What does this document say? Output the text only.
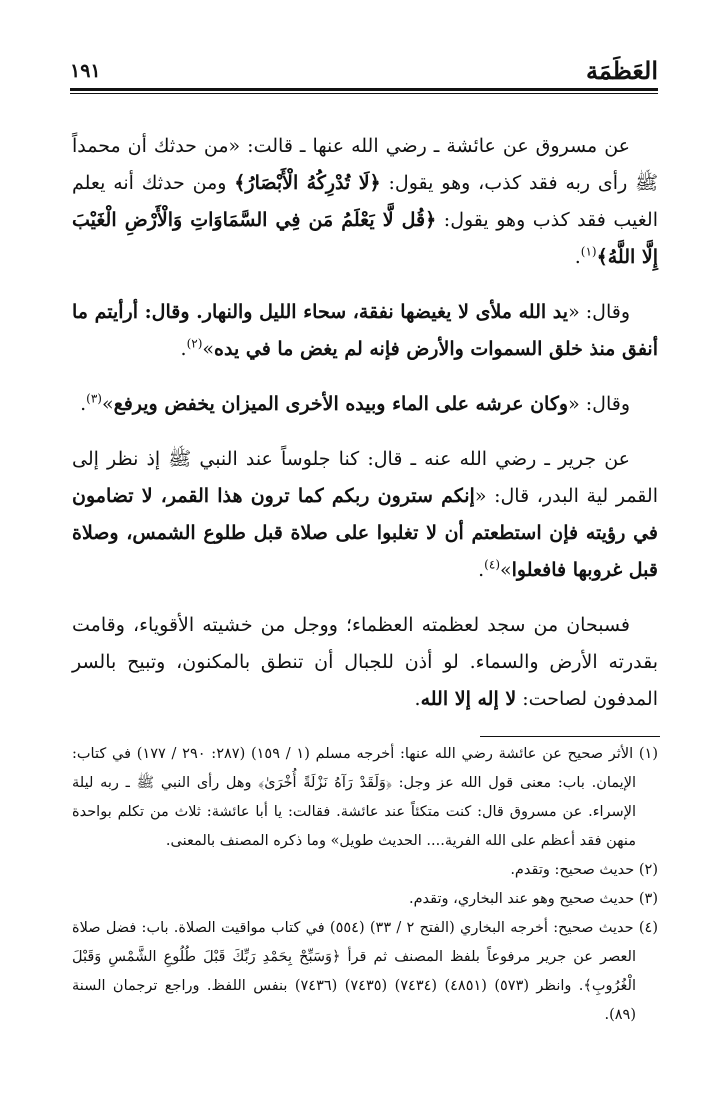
العَظَمَة
١٩١

عن مسروق عن عائشة ـ رضي الله عنها ـ قالت: «من حدثك أن محمداً ﷺ رأى ربه فقد كذب، وهو يقول: ﴿لَا تُدْرِكُهُ الْأَبْصَارُ﴾ ومن حدثك أنه يعلم الغيب فقد كذب وهو يقول: ﴿قُل لَّا يَعْلَمُ مَن فِي السَّمَاوَاتِ وَالْأَرْضِ الْغَيْبَ إِلَّا اللَّهُ﴾$^{(١)}$.

وقال: «يد الله ملأى لا يغيضها نفقة، سحاء الليل والنهار. وقال: أرأيتم ما أنفق منذ خلق السموات والأرض فإنه لم يغض ما في يده»$^{(٢)}$.

وقال: «وكان عرشه على الماء وبيده الأخرى الميزان يخفض ويرفع»$^{(٣)}$.

عن جرير ـ رضي الله عنه ـ قال: كنا جلوساً عند النبي ﷺ إذ نظر إلى القمر لية البدر، قال: «إنكم سترون ربكم كما ترون هذا القمر، لا تضامون في رؤيته فإن استطعتم أن لا تغلبوا على صلاة قبل طلوع الشمس، وصلاة قبل غروبها فافعلوا»$^{(٤)}$.

فسبحان من سجد لعظمته العظماء؛ ووجل من خشيته الأقوياء، وقامت بقدرته الأرض والسماء. لو أذن للجبال أن تنطق بالمكنون، وتبيح بالسر المدفون لصاحت: لا إله إلا الله.

(١) الأثر صحيح عن عائشة رضي الله عنها: أخرجه مسلم (١ / ١٥٩) (٢٨٧: ٢٩٠ / ١٧٧) في كتاب: الإيمان. باب: معنى قول الله عز وجل: ﴿وَلَقَدْ رَآهُ نَزْلَةً أُخْرَىٰ﴾ وهل رأى النبي ﷺ ـ ربه ليلة الإسراء. عن مسروق قال: كنت متكئاً عند عائشة. فقالت: يا أبا عائشة: ثلاث من تكلم بواحدة منهن فقد أعظم على الله الفرية.... الحديث طويل» وما ذكره المصنف بالمعنى.

(٢) حديث صحيح: وتقدم.

(٣) حديث صحيح وهو عند البخاري، وتقدم.

(٤) حديث صحيح: أخرجه البخاري (الفتح ٢ / ٣٣) (٥٥٤) في كتاب مواقيت الصلاة. باب: فضل صلاة العصر عن جرير مرفوعاً بلفظ المصنف ثم قرأ ﴿وَسَبِّحْ بِحَمْدِ رَبِّكَ قَبْلَ طُلُوعِ الشَّمْسِ وَقَبْلَ الْغُرُوبِ﴾. وانظر (٥٧٣) (٤٨٥١) (٧٤٣٤) (٧٤٣٥) (٧٤٣٦) بنفس اللفظ. وراجع ترجمان السنة (٨٩).
